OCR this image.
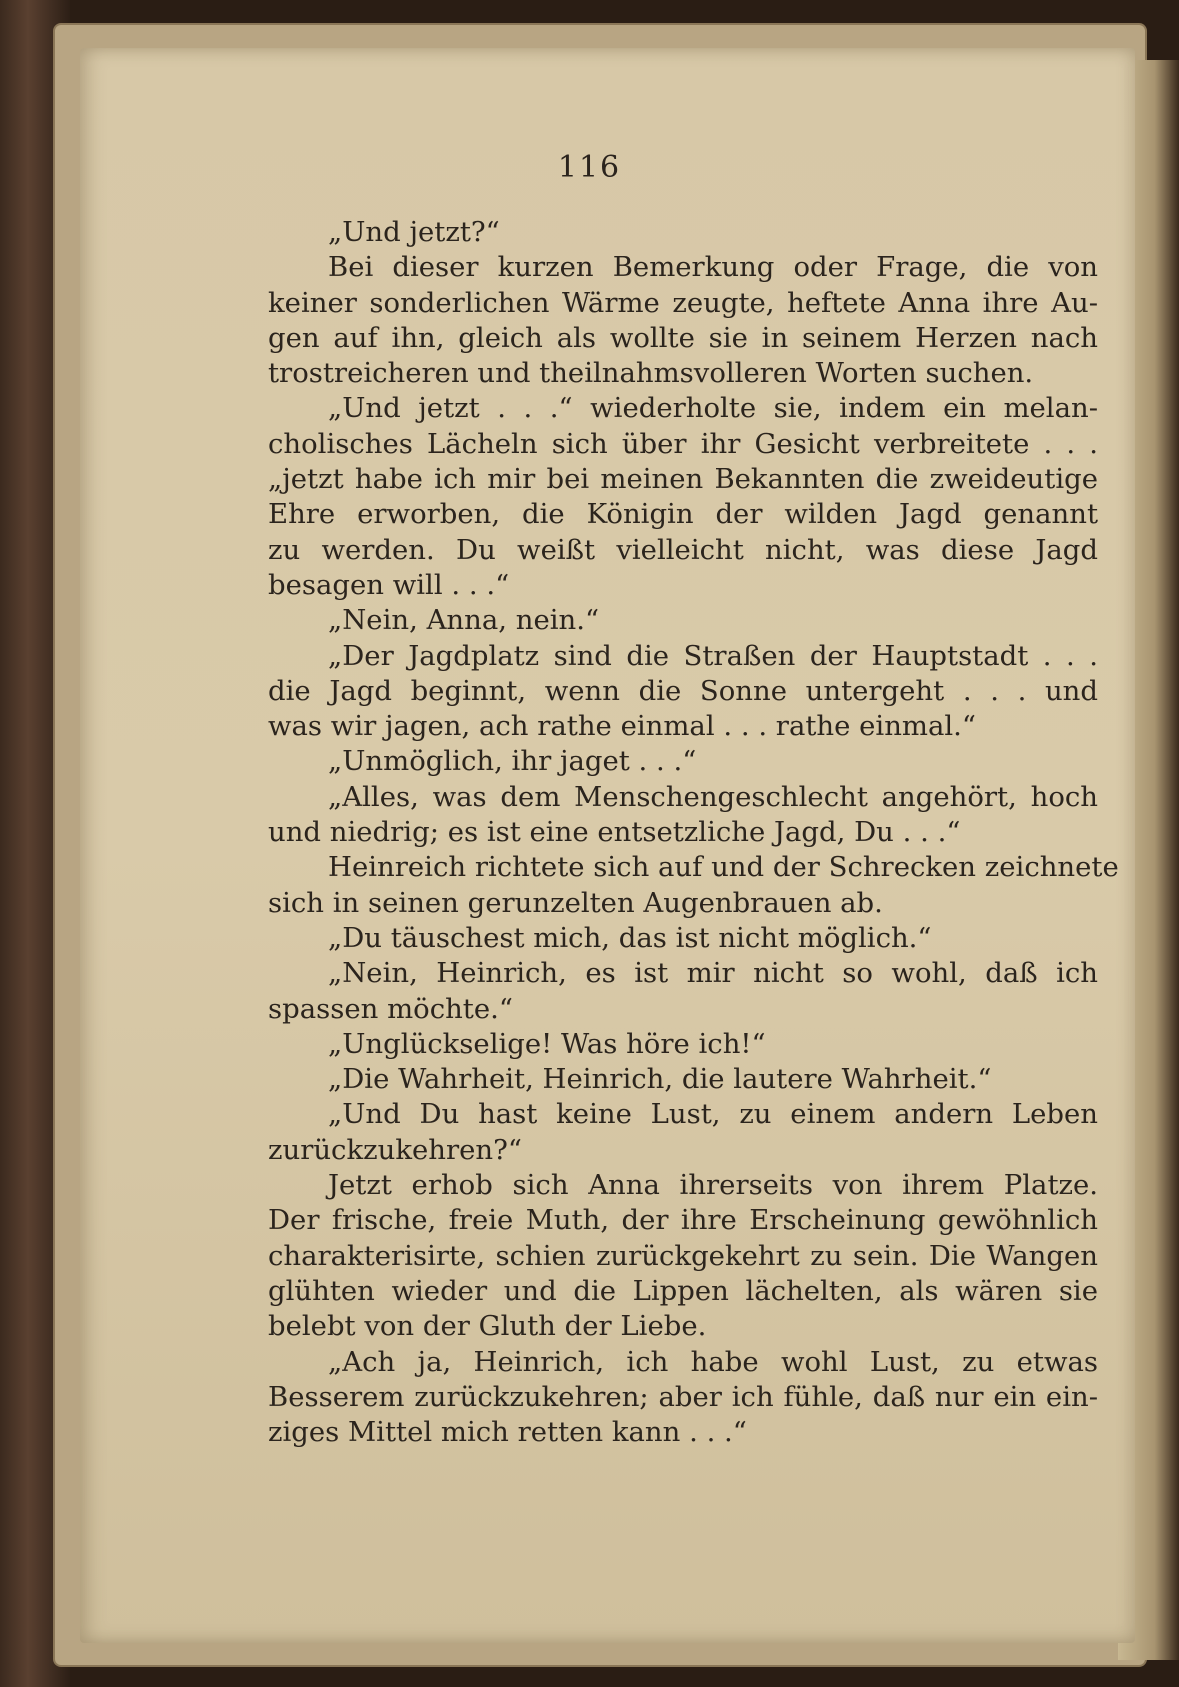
116
„Und jetzt?“
Bei dieser kurzen Bemerkung oder Frage, die von
keiner sonderlichen Wärme zeugte, heftete Anna ihre Au-
gen auf ihn, gleich als wollte sie in seinem Herzen nach
trostreicheren und theilnahmsvolleren Worten suchen.
„Und jetzt . . .“ wiederholte sie, indem ein melan-
cholisches Lächeln sich über ihr Gesicht verbreitete . . .
„jetzt habe ich mir bei meinen Bekannten die zweideutige
Ehre erworben, die Königin der wilden Jagd genannt
zu werden. Du weißt vielleicht nicht, was diese Jagd
besagen will . . .“
„Nein, Anna, nein.“
„Der Jagdplatz sind die Straßen der Hauptstadt . . .
die Jagd beginnt, wenn die Sonne untergeht . . . und
was wir jagen, ach rathe einmal . . . rathe einmal.“
„Unmöglich, ihr jaget . . .“
„Alles, was dem Menschengeschlecht angehört, hoch
und niedrig; es ist eine entsetzliche Jagd, Du . . .“
Heinreich richtete sich auf und der Schrecken zeichnete
sich in seinen gerunzelten Augenbrauen ab.
„Du täuschest mich, das ist nicht möglich.“
„Nein, Heinrich, es ist mir nicht so wohl, daß ich
spassen möchte.“
„Unglückselige! Was höre ich!“
„Die Wahrheit, Heinrich, die lautere Wahrheit.“
„Und Du hast keine Lust, zu einem andern Leben
zurückzukehren?“
Jetzt erhob sich Anna ihrerseits von ihrem Platze.
Der frische, freie Muth, der ihre Erscheinung gewöhnlich
charakterisirte, schien zurückgekehrt zu sein. Die Wangen
glühten wieder und die Lippen lächelten, als wären sie
belebt von der Gluth der Liebe.
„Ach ja, Heinrich, ich habe wohl Lust, zu etwas
Besserem zurückzukehren; aber ich fühle, daß nur ein ein-
ziges Mittel mich retten kann . . .“
